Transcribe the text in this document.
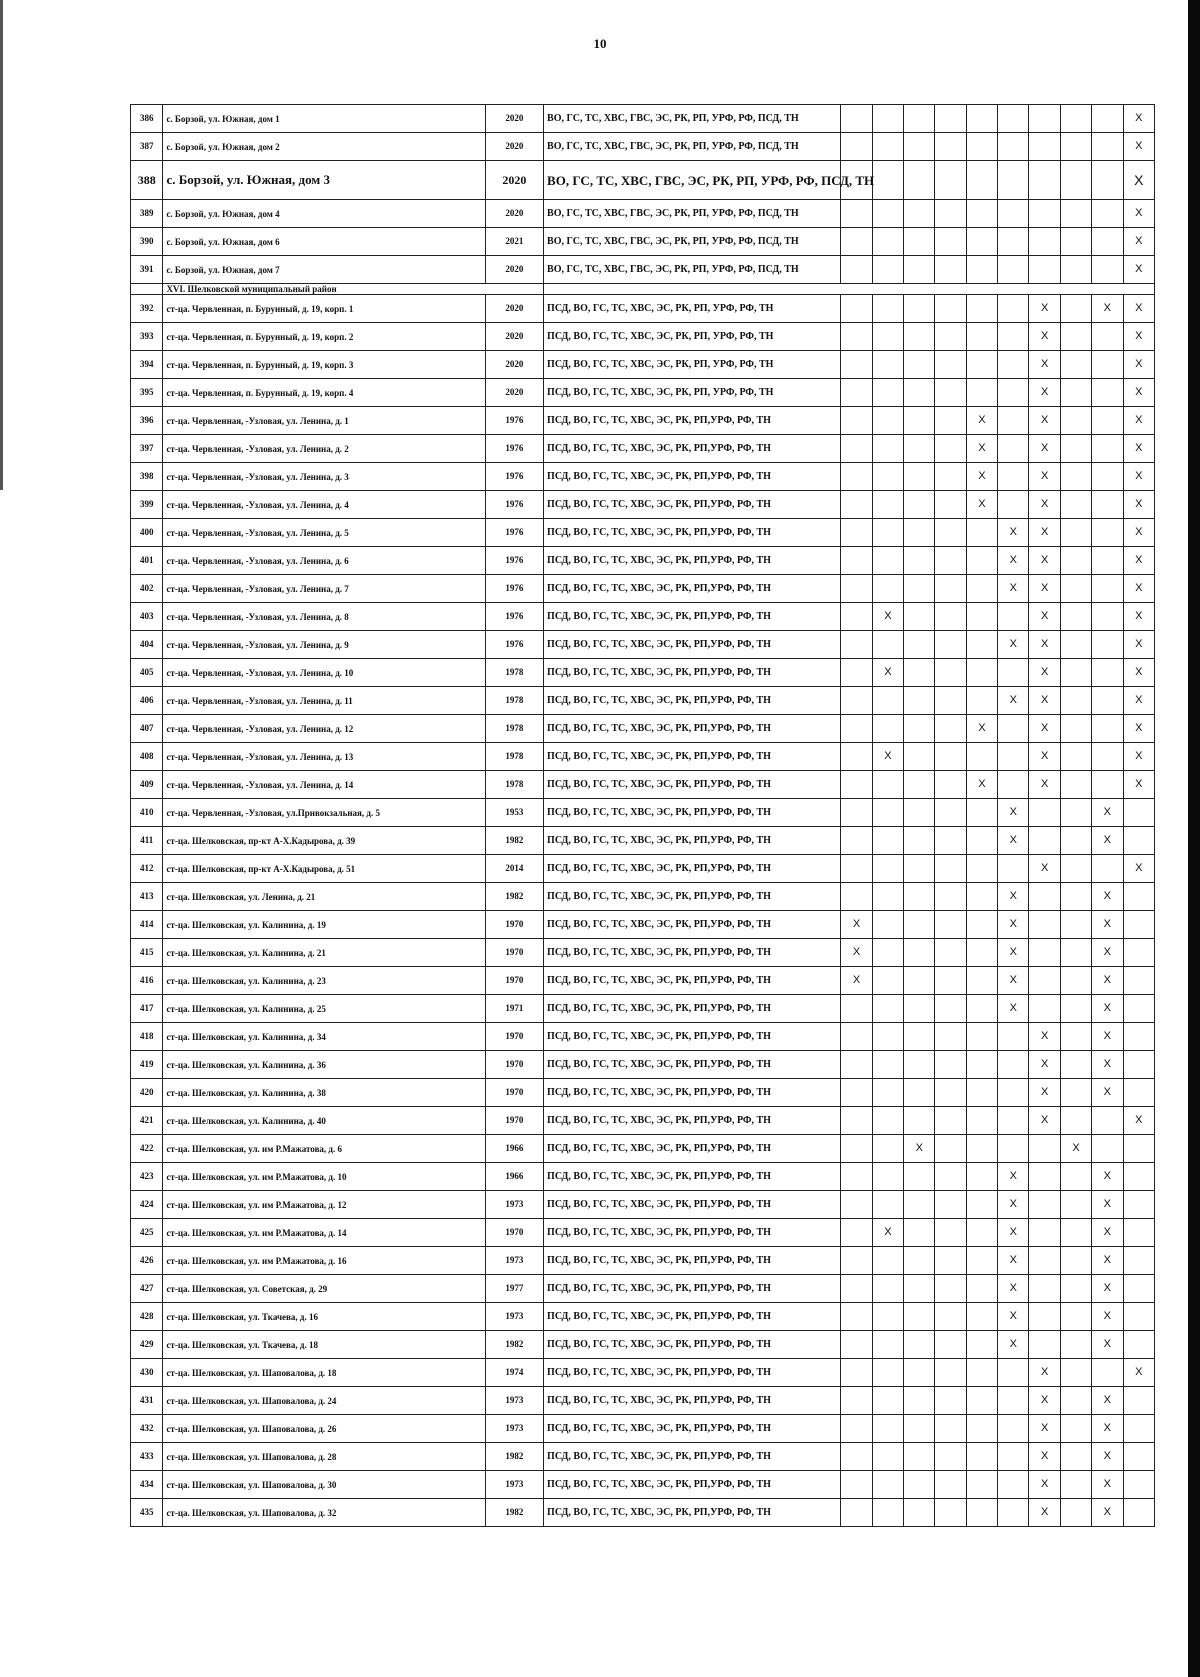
10
386	с. Борзой, ул. Южная, дом 1	2020	ВО, ГС, ТС, ХВС, ГВС, ЭС, РК, РП, УРФ, РФ, ПСД, ТН										X
387	с. Борзой, ул. Южная, дом 2	2020	ВО, ГС, ТС, ХВС, ГВС, ЭС, РК, РП, УРФ, РФ, ПСД, ТН										X
388	с. Борзой, ул. Южная, дом 3	2020	ВО, ГС, ТС, ХВС, ГВС, ЭС, РК, РП, УРФ, РФ, ПСД, ТН										X
389	с. Борзой, ул. Южная, дом 4	2020	ВО, ГС, ТС, ХВС, ГВС, ЭС, РК, РП, УРФ, РФ, ПСД, ТН										X
390	с. Борзой, ул. Южная, дом 6	2021	ВО, ГС, ТС, ХВС, ГВС, ЭС, РК, РП, УРФ, РФ, ПСД, ТН										X
391	с. Борзой, ул. Южная, дом 7	2020	ВО, ГС, ТС, ХВС, ГВС, ЭС, РК, РП, УРФ, РФ, ПСД, ТН										X
	XVI. Шелковской муниципальный район												
392	ст-ца. Червленная, п. Бурунный, д. 19, корп. 1	2020	ПСД, ВО, ГС, ТС, ХВС, ЭС, РК, РП, УРФ, РФ, ТН							X		X	X
393	ст-ца. Червленная, п. Бурунный, д. 19, корп. 2	2020	ПСД, ВО, ГС, ТС, ХВС, ЭС, РК, РП, УРФ, РФ, ТН							X			X
394	ст-ца. Червленная, п. Бурунный, д. 19, корп. 3	2020	ПСД, ВО, ГС, ТС, ХВС, ЭС, РК, РП, УРФ, РФ, ТН							X			X
395	ст-ца. Червленная, п. Бурунный, д. 19, корп. 4	2020	ПСД, ВО, ГС, ТС, ХВС, ЭС, РК, РП, УРФ, РФ, ТН							X			X
396	ст-ца. Червленная, -Узловая, ул. Ленина, д. 1	1976	ПСД, ВО, ГС, ТС, ХВС, ЭС, РК, РП,УРФ, РФ, ТН					X		X			X
397	ст-ца. Червленная, -Узловая, ул. Ленина, д. 2	1976	ПСД, ВО, ГС, ТС, ХВС, ЭС, РК, РП,УРФ, РФ, ТН					X		X			X
398	ст-ца. Червленная, -Узловая, ул. Ленина, д. 3	1976	ПСД, ВО, ГС, ТС, ХВС, ЭС, РК, РП,УРФ, РФ, ТН					X		X			X
399	ст-ца. Червленная, -Узловая, ул. Ленина, д. 4	1976	ПСД, ВО, ГС, ТС, ХВС, ЭС, РК, РП,УРФ, РФ, ТН					X		X			X
400	ст-ца. Червленная, -Узловая, ул. Ленина, д. 5	1976	ПСД, ВО, ГС, ТС, ХВС, ЭС, РК, РП,УРФ, РФ, ТН						X	X			X
401	ст-ца. Червленная, -Узловая, ул. Ленина, д. 6	1976	ПСД, ВО, ГС, ТС, ХВС, ЭС, РК, РП,УРФ, РФ, ТН						X	X			X
402	ст-ца. Червленная, -Узловая, ул. Ленина, д. 7	1976	ПСД, ВО, ГС, ТС, ХВС, ЭС, РК, РП,УРФ, РФ, ТН						X	X			X
403	ст-ца. Червленная, -Узловая, ул. Ленина, д. 8	1976	ПСД, ВО, ГС, ТС, ХВС, ЭС, РК, РП,УРФ, РФ, ТН		X					X			X
404	ст-ца. Червленная, -Узловая, ул. Ленина, д. 9	1976	ПСД, ВО, ГС, ТС, ХВС, ЭС, РК, РП,УРФ, РФ, ТН						X	X			X
405	ст-ца. Червленная, -Узловая, ул. Ленина, д. 10	1978	ПСД, ВО, ГС, ТС, ХВС, ЭС, РК, РП,УРФ, РФ, ТН		X					X			X
406	ст-ца. Червленная, -Узловая, ул. Ленина, д. 11	1978	ПСД, ВО, ГС, ТС, ХВС, ЭС, РК, РП,УРФ, РФ, ТН						X	X			X
407	ст-ца. Червленная, -Узловая, ул. Ленина, д. 12	1978	ПСД, ВО, ГС, ТС, ХВС, ЭС, РК, РП,УРФ, РФ, ТН					X		X			X
408	ст-ца. Червленная, -Узловая, ул. Ленина, д. 13	1978	ПСД, ВО, ГС, ТС, ХВС, ЭС, РК, РП,УРФ, РФ, ТН		X					X			X
409	ст-ца. Червленная, -Узловая, ул. Ленина, д. 14	1978	ПСД, ВО, ГС, ТС, ХВС, ЭС, РК, РП,УРФ, РФ, ТН					X		X			X
410	ст-ца. Червленная, -Узловая, ул.Привокзальная, д. 5	1953	ПСД, ВО, ГС, ТС, ХВС, ЭС, РК, РП,УРФ, РФ, ТН						X			X	
411	ст-ца. Шелковская, пр-кт А-Х.Кадырова, д. 39	1982	ПСД, ВО, ГС, ТС, ХВС, ЭС, РК, РП,УРФ, РФ, ТН						X			X	
412	ст-ца. Шелковская, пр-кт А-Х.Кадырова, д. 51	2014	ПСД, ВО, ГС, ТС, ХВС, ЭС, РК, РП,УРФ, РФ, ТН							X			X
413	ст-ца. Шелковская, ул. Ленина, д. 21	1982	ПСД, ВО, ГС, ТС, ХВС, ЭС, РК, РП,УРФ, РФ, ТН						X			X	
414	ст-ца. Шелковская, ул. Калинина, д. 19	1970	ПСД, ВО, ГС, ТС, ХВС, ЭС, РК, РП,УРФ, РФ, ТН	X					X			X	
415	ст-ца. Шелковская, ул. Калинина, д. 21	1970	ПСД, ВО, ГС, ТС, ХВС, ЭС, РК, РП,УРФ, РФ, ТН	X					X			X	
416	ст-ца. Шелковская, ул. Калинина, д. 23	1970	ПСД, ВО, ГС, ТС, ХВС, ЭС, РК, РП,УРФ, РФ, ТН	X					X			X	
417	ст-ца. Шелковская, ул. Калинина, д. 25	1971	ПСД, ВО, ГС, ТС, ХВС, ЭС, РК, РП,УРФ, РФ, ТН						X			X	
418	ст-ца. Шелковская, ул. Калинина, д. 34	1970	ПСД, ВО, ГС, ТС, ХВС, ЭС, РК, РП,УРФ, РФ, ТН							X		X	
419	ст-ца. Шелковская, ул. Калинина, д. 36	1970	ПСД, ВО, ГС, ТС, ХВС, ЭС, РК, РП,УРФ, РФ, ТН							X		X	
420	ст-ца. Шелковская, ул. Калинина, д. 38	1970	ПСД, ВО, ГС, ТС, ХВС, ЭС, РК, РП,УРФ, РФ, ТН							X		X	
421	ст-ца. Шелковская, ул. Калинина, д. 40	1970	ПСД, ВО, ГС, ТС, ХВС, ЭС, РК, РП,УРФ, РФ, ТН							X			X
422	ст-ца. Шелковская, ул. им Р.Мажатова, д. 6	1966	ПСД, ВО, ГС, ТС, ХВС, ЭС, РК, РП,УРФ, РФ, ТН			X					X		
423	ст-ца. Шелковская, ул. им Р.Мажатова, д. 10	1966	ПСД, ВО, ГС, ТС, ХВС, ЭС, РК, РП,УРФ, РФ, ТН						X			X	
424	ст-ца. Шелковская, ул. им Р.Мажатова, д. 12	1973	ПСД, ВО, ГС, ТС, ХВС, ЭС, РК, РП,УРФ, РФ, ТН						X			X	
425	ст-ца. Шелковская, ул. им Р.Мажатова, д. 14	1970	ПСД, ВО, ГС, ТС, ХВС, ЭС, РК, РП,УРФ, РФ, ТН		X				X			X	
426	ст-ца. Шелковская, ул. им Р.Мажатова, д. 16	1973	ПСД, ВО, ГС, ТС, ХВС, ЭС, РК, РП,УРФ, РФ, ТН						X			X	
427	ст-ца. Шелковская, ул. Советская, д. 29	1977	ПСД, ВО, ГС, ТС, ХВС, ЭС, РК, РП,УРФ, РФ, ТН						X			X	
428	ст-ца. Шелковская, ул. Ткачева, д. 16	1973	ПСД, ВО, ГС, ТС, ХВС, ЭС, РК, РП,УРФ, РФ, ТН						X			X	
429	ст-ца. Шелковская, ул. Ткачева, д. 18	1982	ПСД, ВО, ГС, ТС, ХВС, ЭС, РК, РП,УРФ, РФ, ТН						X			X	
430	ст-ца. Шелковская, ул. Шаповалова, д. 18	1974	ПСД, ВО, ГС, ТС, ХВС, ЭС, РК, РП,УРФ, РФ, ТН							X			X
431	ст-ца. Шелковская, ул. Шаповалова, д. 24	1973	ПСД, ВО, ГС, ТС, ХВС, ЭС, РК, РП,УРФ, РФ, ТН							X		X	
432	ст-ца. Шелковская, ул. Шаповалова, д. 26	1973	ПСД, ВО, ГС, ТС, ХВС, ЭС, РК, РП,УРФ, РФ, ТН							X		X	
433	ст-ца. Шелковская, ул. Шаповалова, д. 28	1982	ПСД, ВО, ГС, ТС, ХВС, ЭС, РК, РП,УРФ, РФ, ТН							X		X	
434	ст-ца. Шелковская, ул. Шаповалова, д. 30	1973	ПСД, ВО, ГС, ТС, ХВС, ЭС, РК, РП,УРФ, РФ, ТН							X		X	
435	ст-ца. Шелковская, ул. Шаповалова, д. 32	1982	ПСД, ВО, ГС, ТС, ХВС, ЭС, РК, РП,УРФ, РФ, ТН							X		X	
